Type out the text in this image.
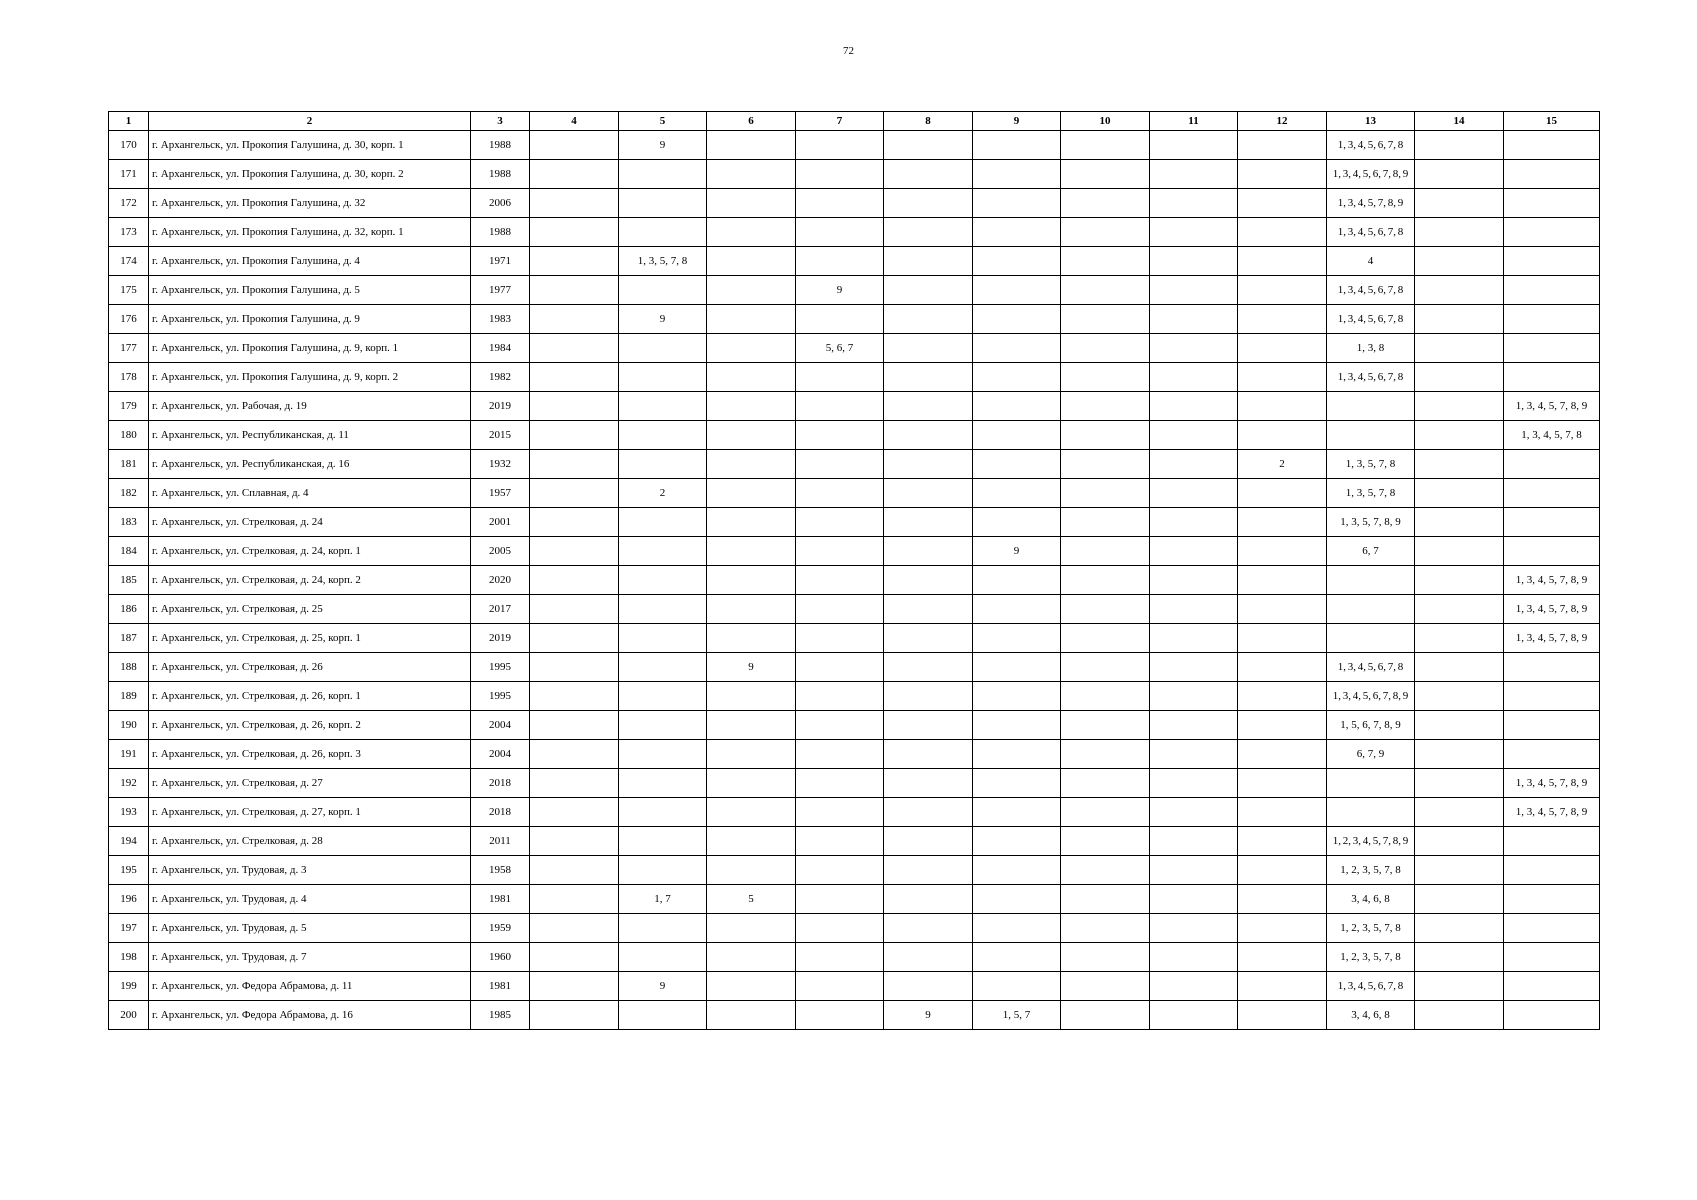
72
1	2	3	4	5	6	7	8	9	10	11	12	13	14	15
170	г. Архангельск, ул. Прокопия Галушина, д. 30, корп. 1	1988		9								1, 3, 4, 5, 6, 7, 8		
171	г. Архангельск, ул. Прокопия Галушина, д. 30, корп. 2	1988										1, 3, 4, 5, 6, 7, 8, 9		
172	г. Архангельск, ул. Прокопия Галушина, д. 32	2006										1, 3, 4, 5, 7, 8, 9		
173	г. Архангельск, ул. Прокопия Галушина, д. 32, корп. 1	1988										1, 3, 4, 5, 6, 7, 8		
174	г. Архангельск, ул. Прокопия Галушина, д. 4	1971		1, 3, 5, 7, 8								4		
175	г. Архангельск, ул. Прокопия Галушина, д. 5	1977				9						1, 3, 4, 5, 6, 7, 8		
176	г. Архангельск, ул. Прокопия Галушина, д. 9	1983		9								1, 3, 4, 5, 6, 7, 8		
177	г. Архангельск, ул. Прокопия Галушина, д. 9, корп. 1	1984				5, 6, 7						1, 3, 8		
178	г. Архангельск, ул. Прокопия Галушина, д. 9, корп. 2	1982										1, 3, 4, 5, 6, 7, 8		
179	г. Архангельск, ул. Рабочая, д. 19	2019												1, 3, 4, 5, 7, 8, 9
180	г. Архангельск, ул. Республиканская, д. 11	2015												1, 3, 4, 5, 7, 8
181	г. Архангельск, ул. Республиканская, д. 16	1932									2	1, 3, 5, 7, 8		
182	г. Архангельск, ул. Сплавная, д. 4	1957		2								1, 3, 5, 7, 8		
183	г. Архангельск, ул. Стрелковая, д. 24	2001										1, 3, 5, 7, 8, 9		
184	г. Архангельск, ул. Стрелковая, д. 24, корп. 1	2005						9				6, 7		
185	г. Архангельск, ул. Стрелковая, д. 24, корп. 2	2020												1, 3, 4, 5, 7, 8, 9
186	г. Архангельск, ул. Стрелковая, д. 25	2017												1, 3, 4, 5, 7, 8, 9
187	г. Архангельск, ул. Стрелковая, д. 25, корп. 1	2019												1, 3, 4, 5, 7, 8, 9
188	г. Архангельск, ул. Стрелковая, д. 26	1995			9							1, 3, 4, 5, 6, 7, 8		
189	г. Архангельск, ул. Стрелковая, д. 26, корп. 1	1995										1, 3, 4, 5, 6, 7, 8, 9		
190	г. Архангельск, ул. Стрелковая, д. 26, корп. 2	2004										1, 5, 6, 7, 8, 9		
191	г. Архангельск, ул. Стрелковая, д. 26, корп. 3	2004										6, 7, 9		
192	г. Архангельск, ул. Стрелковая, д. 27	2018												1, 3, 4, 5, 7, 8, 9
193	г. Архангельск, ул. Стрелковая, д. 27, корп. 1	2018												1, 3, 4, 5, 7, 8, 9
194	г. Архангельск, ул. Стрелковая, д. 28	2011										1, 2, 3, 4, 5, 7, 8, 9		
195	г. Архангельск, ул. Трудовая, д. 3	1958										1, 2, 3, 5, 7, 8		
196	г. Архангельск, ул. Трудовая, д. 4	1981		1, 7	5							3, 4, 6, 8		
197	г. Архангельск, ул. Трудовая, д. 5	1959										1, 2, 3, 5, 7, 8		
198	г. Архангельск, ул. Трудовая, д. 7	1960										1, 2, 3, 5, 7, 8		
199	г. Архангельск, ул. Федора Абрамова, д. 11	1981		9								1, 3, 4, 5, 6, 7, 8		
200	г. Архангельск, ул. Федора Абрамова, д. 16	1985					9	1, 5, 7				3, 4, 6, 8		
